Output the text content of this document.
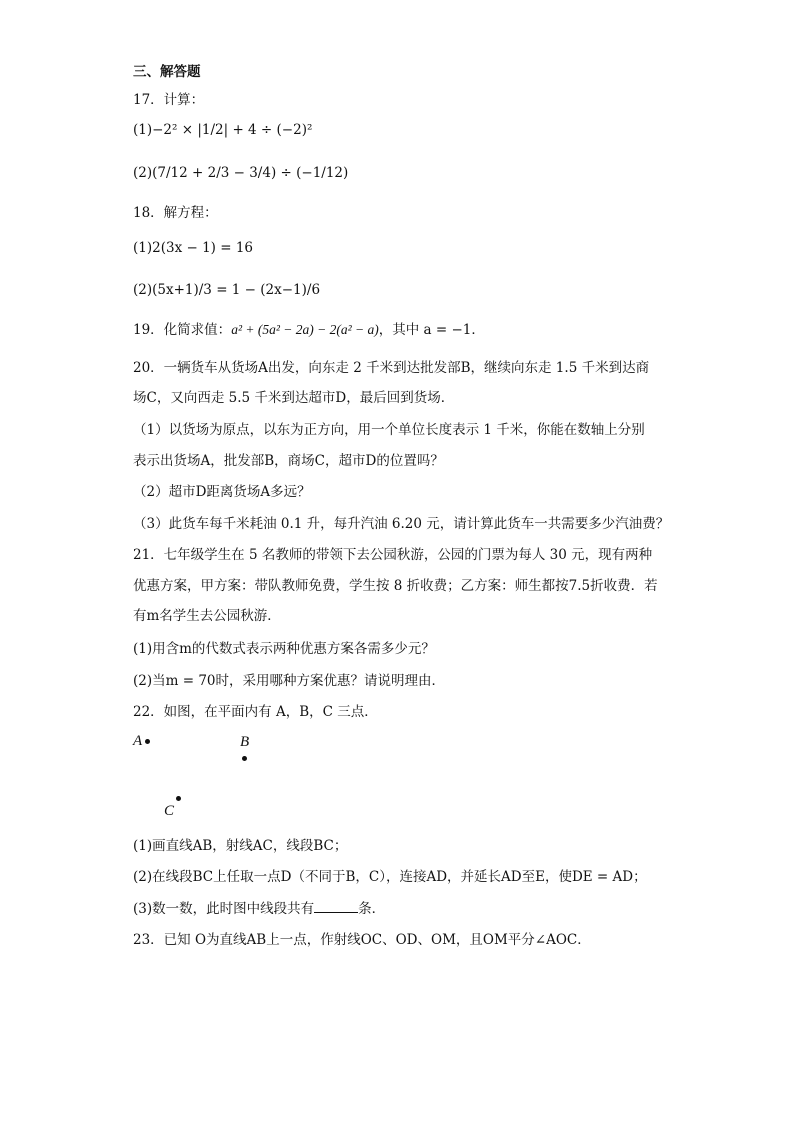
三、解答题
17．计算：
(1)−2² × |1/2| + 4 ÷ (−2)²
(2)(7/12 + 2/3 − 3/4) ÷ (−1/12)
18．解方程：
(1)2(3x − 1) = 16
(2)(5x+1)/3 = 1 − (2x−1)/6
19．化简求值：a² + (5a² − 2a) − 2(a² − a)，其中 a = −1．
20．一辆货车从货场A出发，向东走 2 千米到达批发部B，继续向东走 1.5 千米到达商
场C，又向西走 5.5 千米到达超市D，最后回到货场．
（1）以货场为原点，以东为正方向，用一个单位长度表示 1 千米，你能在数轴上分别
表示出货场A，批发部B，商场C，超市D的位置吗？
（2）超市D距离货场A多远？
（3）此货车每千米耗油 0.1 升，每升汽油 6.20 元，请计算此货车一共需要多少汽油费？
21．七年级学生在 5 名教师的带领下去公园秋游，公园的门票为每人 30 元，现有两种
优惠方案，甲方案：带队教师免费，学生按 8 折收费；乙方案：师生都按7.5折收费．若
有m名学生去公园秋游．
(1)用含m的代数式表示两种优惠方案各需多少元？
(2)当m = 70时，采用哪种方案优惠？请说明理由．
22．如图，在平面内有 A，B，C 三点．
A	B
C
(1)画直线AB，射线AC，线段BC；
(2)在线段BC上任取一点D（不同于B，C），连接AD，并延长AD至E，使DE = AD；
(3)数一数，此时图中线段共有	条．
23．已知 O为直线AB上一点，作射线OC、OD、OM，且OM平分∠AOC．
